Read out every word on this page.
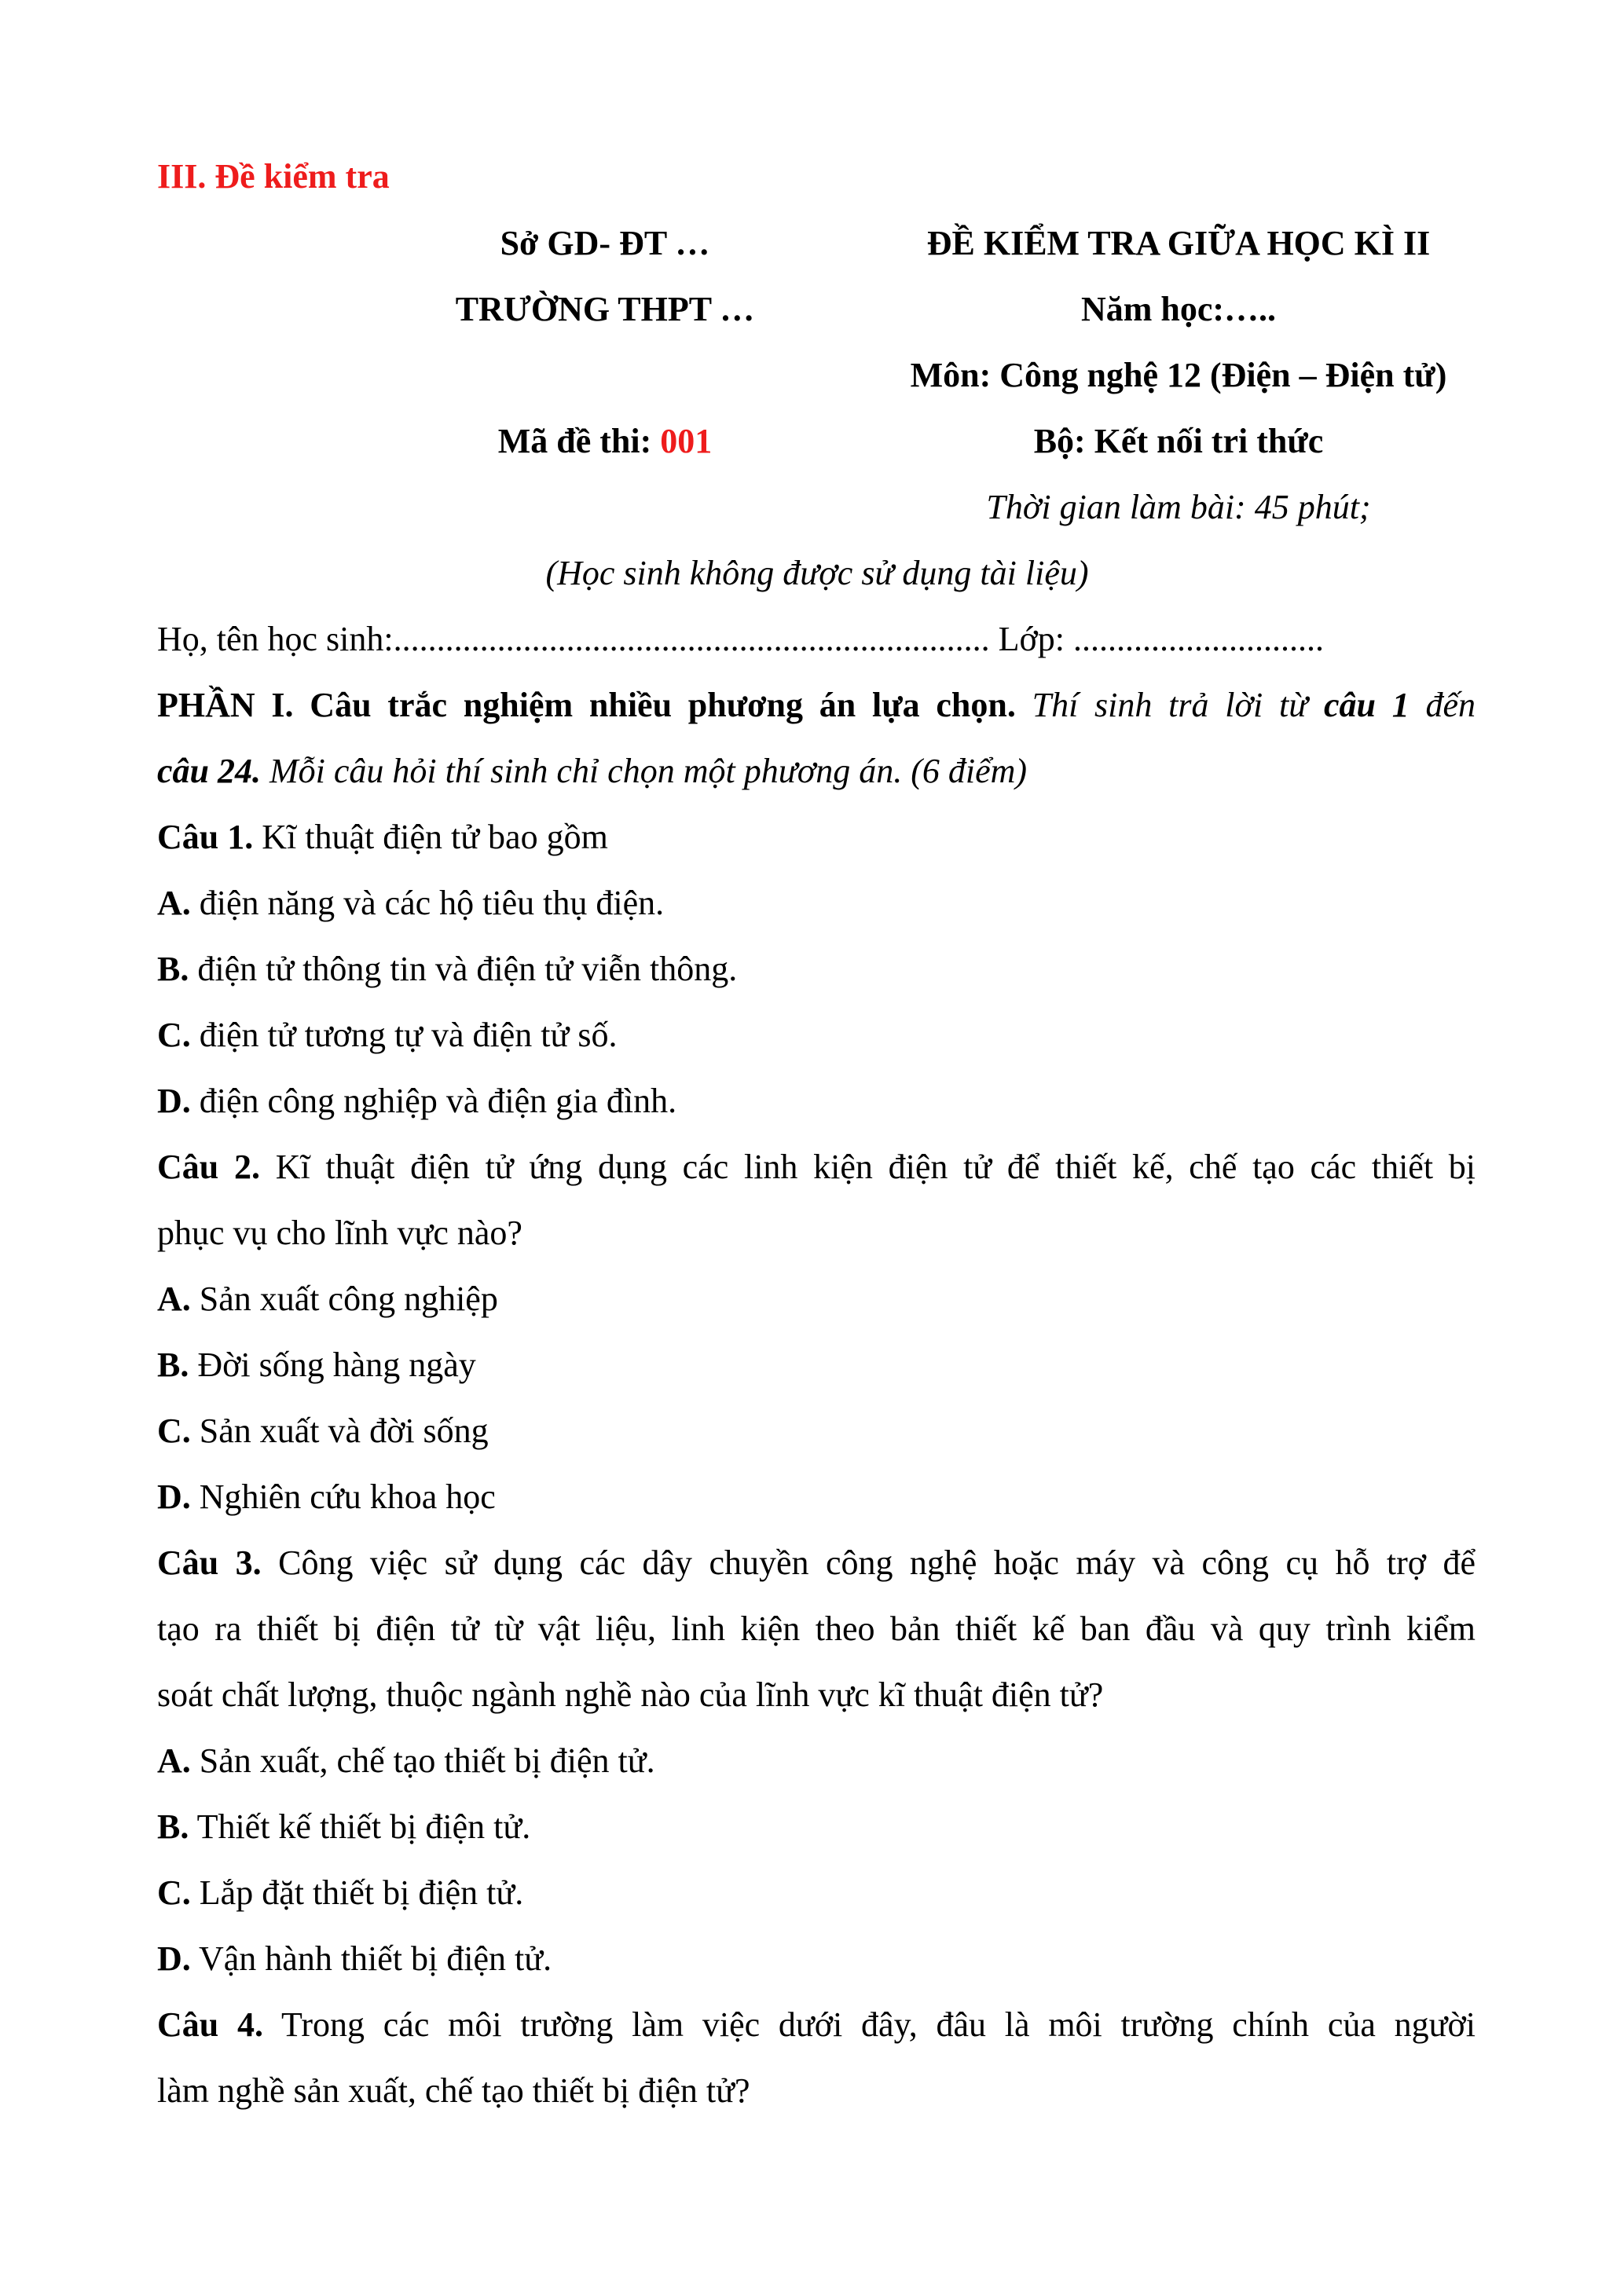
III. Đề kiểm tra
Sở GD- ĐT …
TRƯỜNG THPT …
Mã đề thi: 001
ĐỀ KIỂM TRA GIỮA HỌC KÌ II
Năm học:…..
Môn: Công nghệ 12 (Điện – Điện tử)
Bộ: Kết nối tri thức
Thời gian làm bài: 45 phút;
(Học sinh không được sử dụng tài liệu)
Họ, tên học sinh:..................................................................... Lớp: .............................
PHẦN I. Câu trắc nghiệm nhiều phương án lựa chọn. Thí sinh trả lời từ câu 1 đến
câu 24. Mỗi câu hỏi thí sinh chỉ chọn một phương án. (6 điểm)
Câu 1. Kĩ thuật điện tử bao gồm
A. điện năng và các hộ tiêu thụ điện.
B. điện tử thông tin và điện tử viễn thông.
C. điện tử tương tự và điện tử số.
D. điện công nghiệp và điện gia đình.
Câu 2. Kĩ thuật điện tử ứng dụng các linh kiện điện tử để thiết kế, chế tạo các thiết bị
phục vụ cho lĩnh vực nào?
A. Sản xuất công nghiệp
B. Đời sống hàng ngày
C. Sản xuất và đời sống
D. Nghiên cứu khoa học
Câu 3. Công việc sử dụng các dây chuyền công nghệ hoặc máy và công cụ hỗ trợ để
tạo ra thiết bị điện tử từ vật liệu, linh kiện theo bản thiết kế ban đầu và quy trình kiểm
soát chất lượng, thuộc ngành nghề nào của lĩnh vực kĩ thuật điện tử?
A. Sản xuất, chế tạo thiết bị điện tử.
B. Thiết kế thiết bị điện tử.
C. Lắp đặt thiết bị điện tử.
D. Vận hành thiết bị điện tử.
Câu 4. Trong các môi trường làm việc dưới đây, đâu là môi trường chính của người
làm nghề sản xuất, chế tạo thiết bị điện tử?
